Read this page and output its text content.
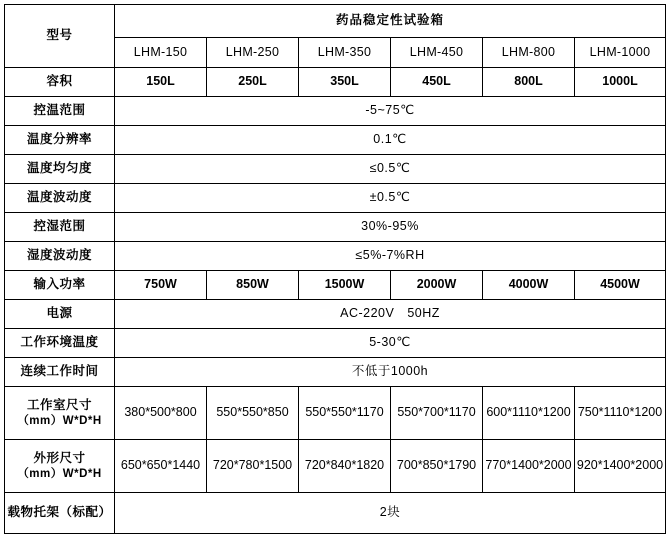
型号	药品稳定性试验箱					
	LHM-150	LHM-250	LHM-350	LHM-450	LHM-800	LHM-1000
容积	150L	250L	350L	450L	800L	1000L
控温范围	-5~75℃					
温度分辨率	0.1℃					
温度均匀度	≤0.5℃					
温度波动度	±0.5℃					
控湿范围	30%-95%					
湿度波动度	≤5%-7%RH					
输入功率	750W	850W	1500W	2000W	4000W	4500W
电源	AC-220V　50HZ					
工作环境温度	5-30℃					
连续工作时间	不低于1000h					

工作室尺寸
（mm）W*D*H	380*500*800	550*550*850	550*550*1170	550*700*1170	600*1110*1200	750*1110*1200

外形尺寸
（mm）W*D*H	650*650*1440	720*780*1500	720*840*1820	700*850*1790	770*1400*2000	920*1400*2000
载物托架（标配）	2块					
